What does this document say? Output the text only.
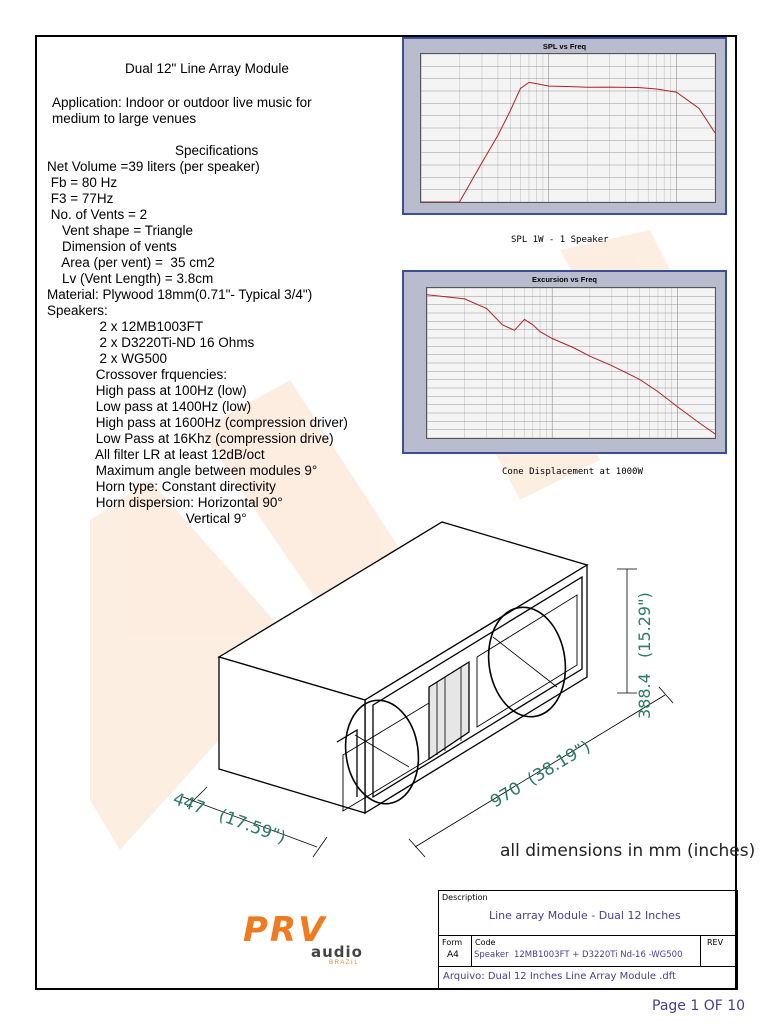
Dual 12" Line Array Module
Application: Indoor or outdoor live music for
medium to large venues
Specifications
Net Volume =39 liters (per speaker)
Fb = 80 Hz
F3 = 77Hz
No. of Vents = 2
Vent shape = Triangle
Dimension of vents
Area (per vent) =  35 cm2
Lv (Vent Length) = 3.8cm
Material: Plywood 18mm(0.71"- Typical 3/4")
Speakers:
2 x 12MB1003FT
2 x D3220Ti-ND 16 Ohms
2 x WG500
Crossover frquencies:
High pass at 100Hz (low)
Low pass at 1400Hz (low)
High pass at 1600Hz (compression driver)
Low Pass at 16Khz (compression drive)
All filter LR at least 12dB/oct
Maximum angle between modules 9°
Horn type: Constant directivity
Horn dispersion: Horizontal 90°
Vertical 9°
SPL vs Freq
SPL 1W - 1 Speaker
Excursion vs Freq
Cone Displacement at 1000W
447   (17.59")
970  (38.19")
388.4   (15.29")
all dimensions in mm (inches)
PRV
audio
B R A Z I L
Description
Line array Module - Dual 12 Inches
Form
A4
Code
Speaker  12MB1003FT + D3220Ti Nd-16 -WG500
REV
Arquivo: Dual 12 Inches Line Array Module .dft
Page 1 OF 10
